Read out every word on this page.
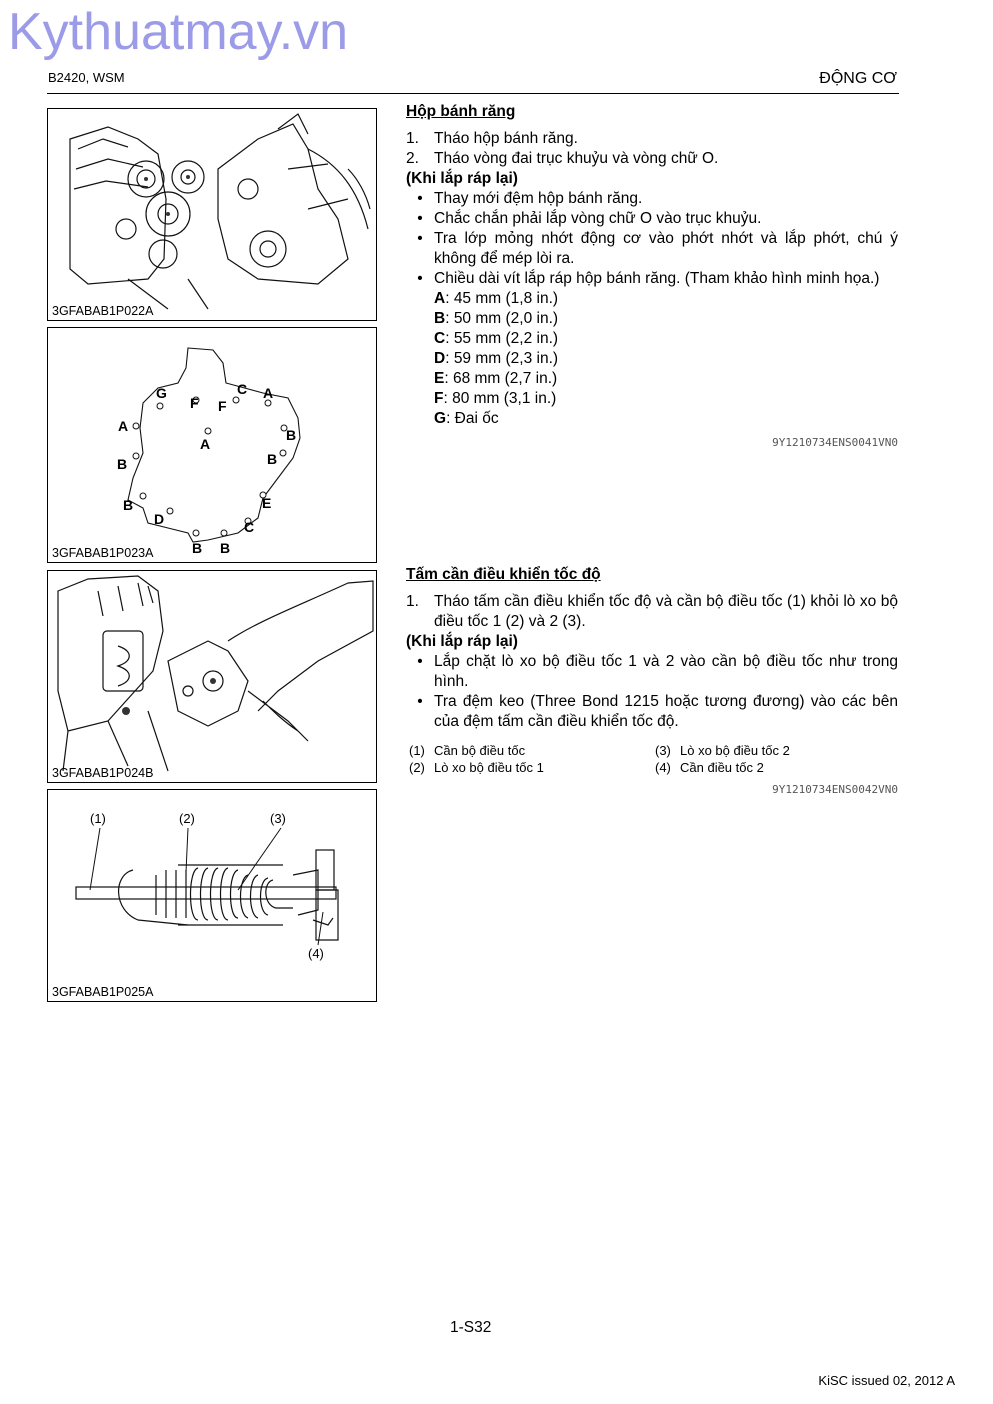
Kythuatmay.vn
B2420, WSM	ĐỘNG CƠ
3GFABAB1P022A
G
F F
C A
A
B
A
B	B
B	E
D	C
B B
3GFABAB1P023A
3GFABAB1P024B
(1)	(2)	(3)
(4)
3GFABAB1P025A
Hộp bánh răng
1. Tháo hộp bánh răng.
2. Tháo vòng đai trục khuỷu và vòng chữ O.
(Khi lắp ráp lại)
• Thay mới đệm hộp bánh răng.
• Chắc chắn phải lắp vòng chữ O vào trục khuỷu.
• Tra lớp mỏng nhớt động cơ vào phớt nhớt và lắp phớt, chú ý không để mép lòi ra.
• Chiều dài vít lắp ráp hộp bánh răng. (Tham khảo hình minh họa.)
A: 45 mm (1,8 in.)
B: 50 mm (2,0 in.)
C: 55 mm (2,2 in.)
D: 59 mm (2,3 in.)
E: 68 mm (2,7 in.)
F: 80 mm (3,1 in.)
G: Đai ốc
9Y1210734ENS0041VN0
Tấm cần điều khiển tốc độ
1. Tháo tấm cần điều khiển tốc độ và cần bộ điều tốc (1) khỏi lò xo bộ điều tốc 1 (2) và 2 (3).
(Khi lắp ráp lại)
• Lắp chặt lò xo bộ điều tốc 1 và 2 vào cần bộ điều tốc như trong hình.
• Tra đệm keo (Three Bond 1215 hoặc tương đương) vào các bên của đệm tấm cần điều khiển tốc độ.
(1) Cần bộ điều tốc	(3) Lò xo bộ điều tốc 2
(2) Lò xo bộ điều tốc 1	(4) Cần điều tốc 2
9Y1210734ENS0042VN0
1-S32
KiSC issued 02, 2012 A
